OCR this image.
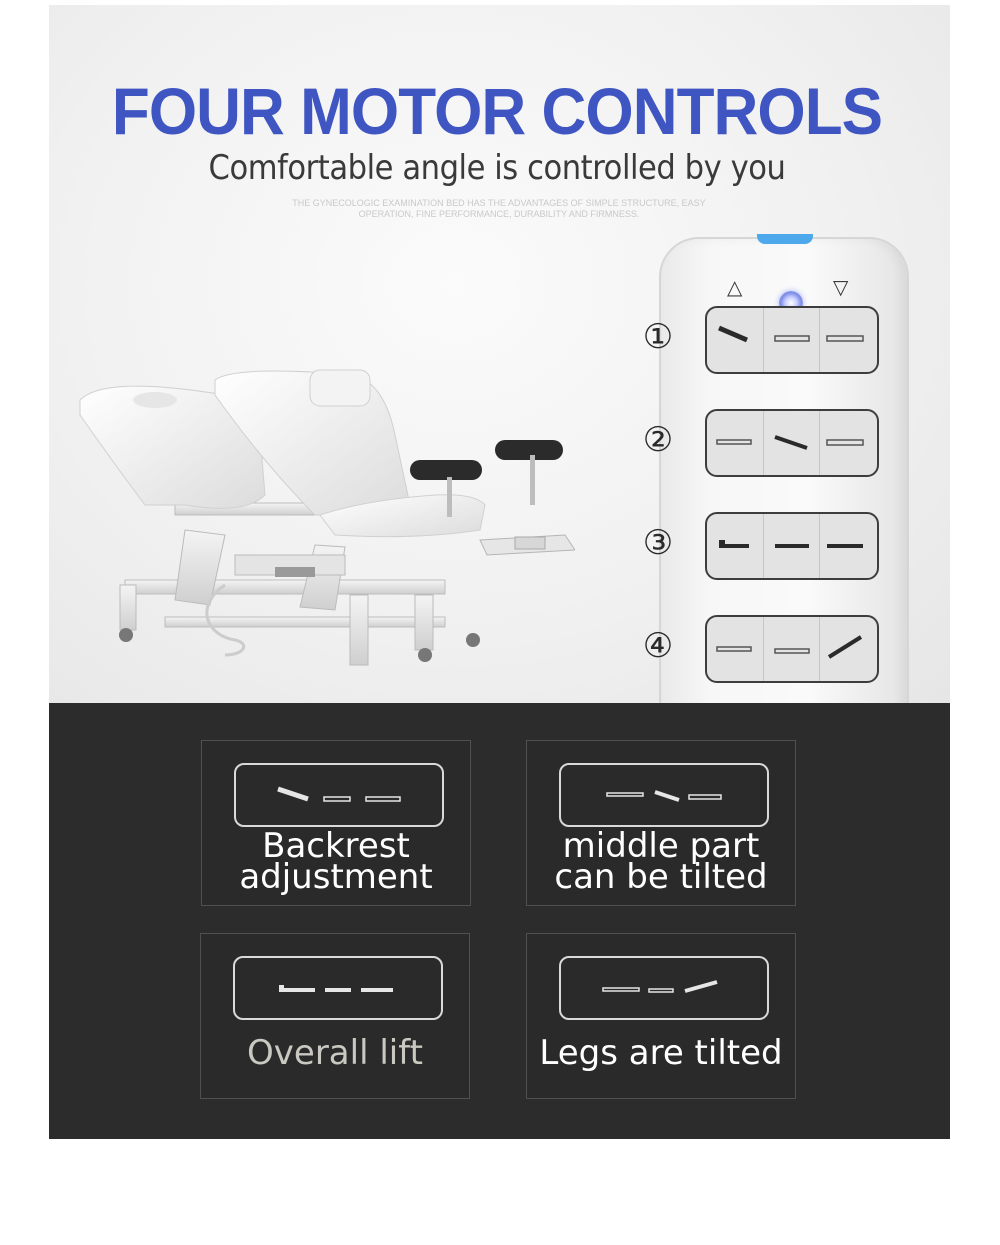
FOUR MOTOR CONTROLS
Comfortable angle is controlled by you
THE GYNECOLOGIC EXAMINATION BED HAS THE ADVANTAGES OF SIMPLE STRUCTURE, EASY OPERATION, FINE PERFORMANCE, DURABILITY AND FIRMNESS.
△	▽
①
②
③
④
Backrest
adjustment
middle part
can be tilted
Overall lift	Legs are tilted
